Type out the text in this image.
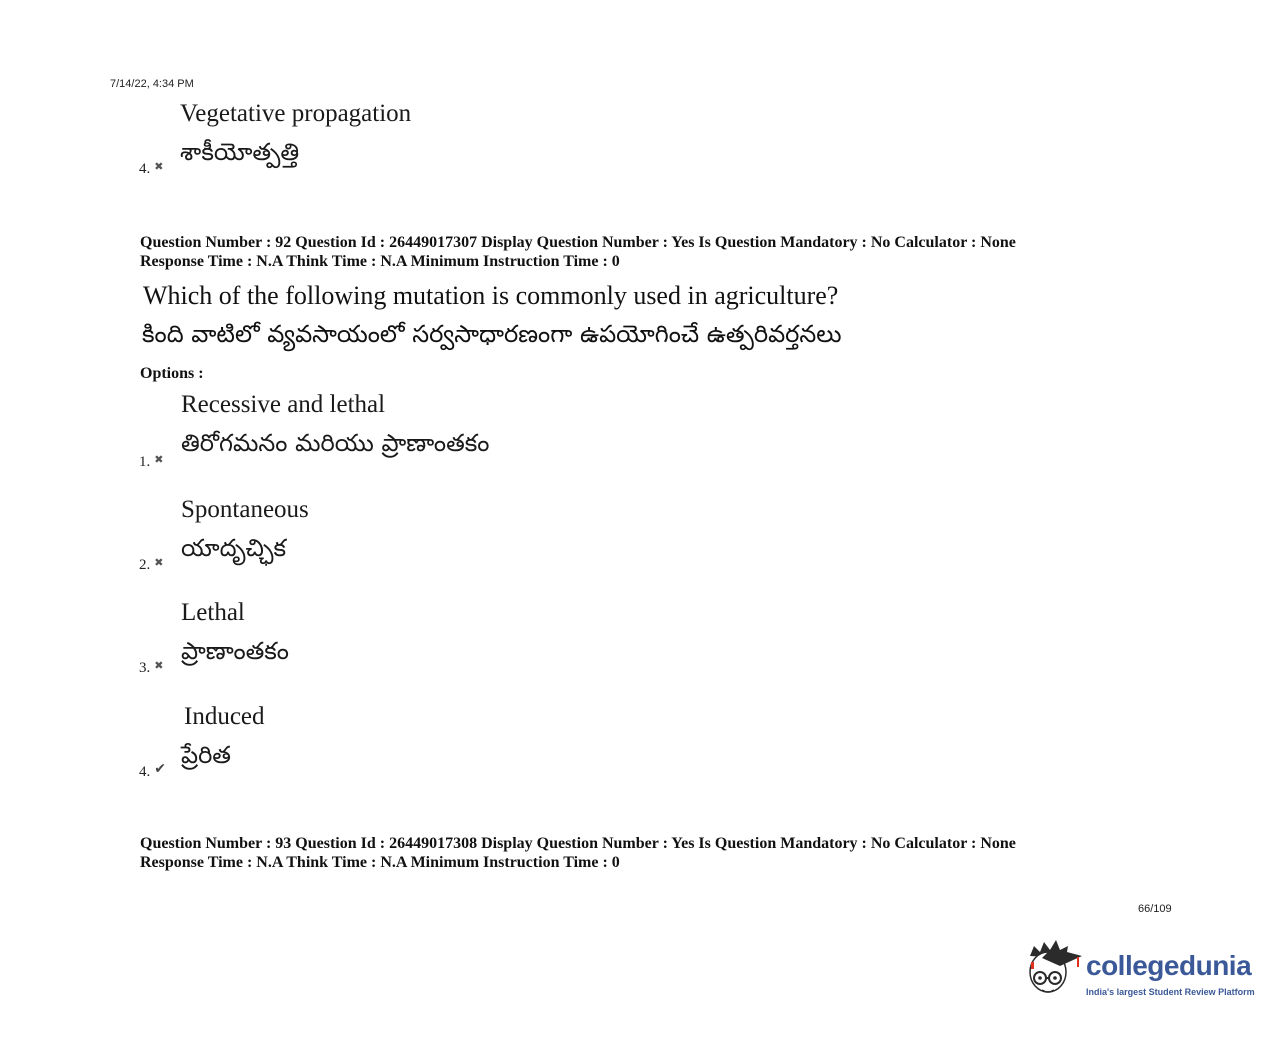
7/14/22, 4:34 PM
Vegetative propagation
శాకీయోత్పత్తి
4. ✖
Question Number : 92 Question Id : 26449017307 Display Question Number : Yes Is Question Mandatory : No Calculator : None
Response Time : N.A Think Time : N.A Minimum Instruction Time : 0
Which of the following mutation is commonly used in agriculture?
కింది వాటిలో వ్యవసాయంలో సర్వసాధారణంగా ఉపయోగించే ఉత్పరివర్తనలు
Options :
Recessive and lethal
తిరోగమనం మరియు ప్రాణాంతకం
1. ✖
Spontaneous
యాదృచ్ఛిక
2. ✖
Lethal
ప్రాణాంతకం
3. ✖
Induced
ప్రేరిత
4. ✔
Question Number : 93 Question Id : 26449017308 Display Question Number : Yes Is Question Mandatory : No Calculator : None
Response Time : N.A Think Time : N.A Minimum Instruction Time : 0
66/109
collegedunia
India's largest Student Review Platform
